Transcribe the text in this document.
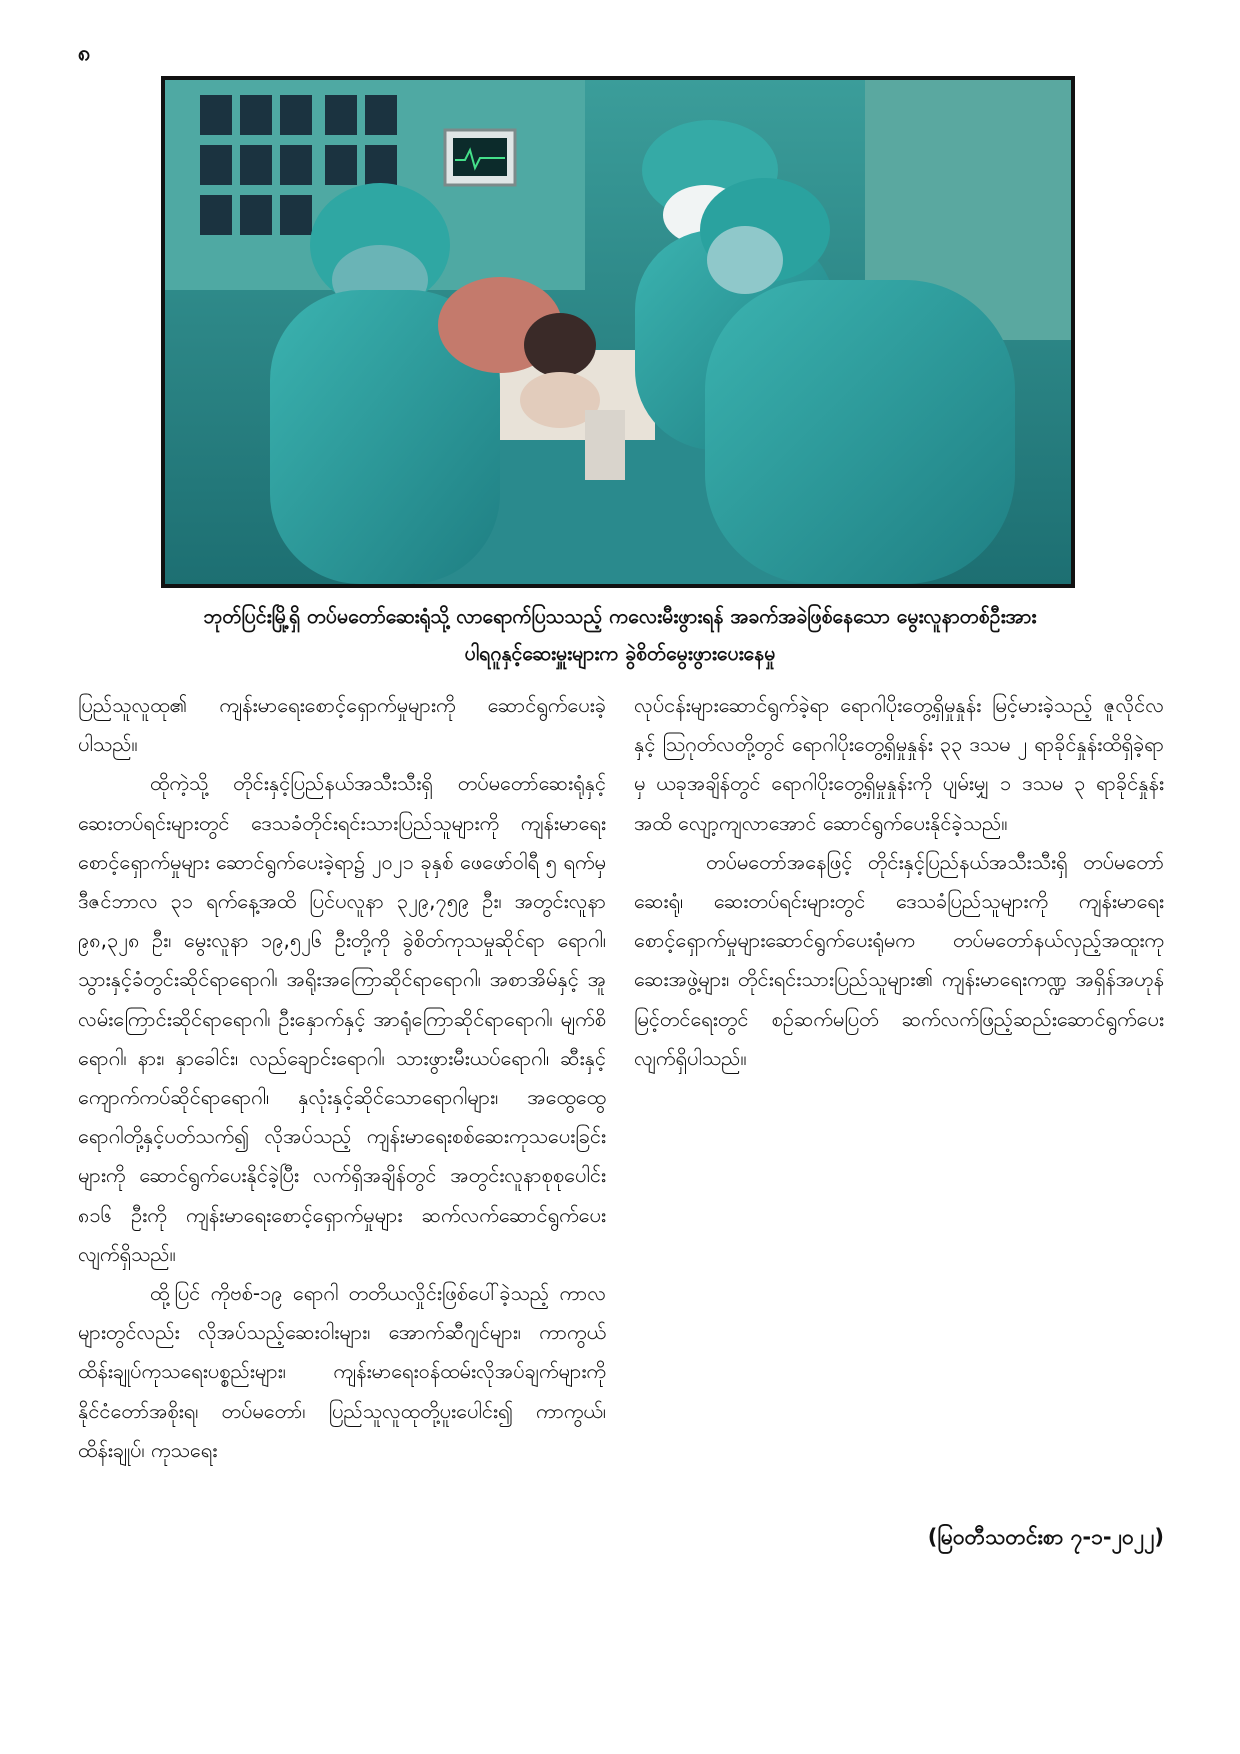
၈
ဘုတ်ပြင်းမြို့ရှိ တပ်မတော်ဆေးရုံသို့ လာရောက်ပြသသည့် ကလေးမီးဖွားရန် အခက်အခဲဖြစ်နေသော မွေးလူနာတစ်ဦးအား
ပါရဂူနှင့်ဆေးမှူးများက ခွဲစိတ်မွေးဖွားပေးနေမှု

ပြည်သူလူထု၏ ကျန်းမာရေးစောင့်ရှောက်မှုများကို ဆောင်ရွက်ပေးခဲ့ပါသည်။

ထိုကဲ့သို့ တိုင်းနှင့်ပြည်နယ်အသီးသီးရှိ တပ်မတော်ဆေးရုံနှင့် ဆေးတပ်ရင်းများတွင် ဒေသခံတိုင်းရင်းသားပြည်သူများကို ကျန်းမာရေးစောင့်ရှောက်မှုများ ဆောင်ရွက်ပေးခဲ့ရာ၌ ၂၀၂၁ ခုနှစ် ဖေဖော်ဝါရီ ၅ ရက်မှ ဒီဇင်ဘာလ ၃၁ ရက်နေ့အထိ ပြင်ပလူနာ ၃၂၉,၇၅၉ ဦး၊ အတွင်းလူနာ ၉၈,၃၂၈ ဦး၊ မွေးလူနာ ၁၉,၅၂၆ ဦးတို့ကို ခွဲစိတ်ကုသမှုဆိုင်ရာ ရောဂါ၊ သွားနှင့်ခံတွင်းဆိုင်ရာရောဂါ၊ အရိုးအကြောဆိုင်ရာရောဂါ၊ အစာအိမ်နှင့် အူလမ်းကြောင်းဆိုင်ရာရောဂါ၊ ဦးနှောက်နှင့် အာရုံကြောဆိုင်ရာရောဂါ၊ မျက်စိရောဂါ၊ နား၊ နှာခေါင်း၊ လည်ချောင်းရောဂါ၊ သားဖွားမီးယပ်ရောဂါ၊ ဆီးနှင့် ကျောက်ကပ်ဆိုင်ရာရောဂါ၊ နှလုံးနှင့်ဆိုင်သောရောဂါများ၊ အထွေထွေရောဂါတို့နှင့်ပတ်သက်၍ လိုအပ်သည့် ကျန်းမာရေးစစ်ဆေးကုသပေးခြင်းများကို ဆောင်ရွက်ပေးနိုင်ခဲ့ပြီး လက်ရှိအချိန်တွင် အတွင်းလူနာစုစုပေါင်း ၈၁၆ ဦးကို ကျန်းမာရေးစောင့်ရှောက်မှုများ ဆက်လက်ဆောင်ရွက်ပေးလျက်ရှိသည်။

ထို့ပြင် ကိုဗစ်-၁၉ ရောဂါ တတိယလှိုင်းဖြစ်ပေါ်ခဲ့သည့် ကာလများတွင်လည်း လိုအပ်သည့်ဆေးဝါးများ၊ အောက်ဆီဂျင်များ၊ ကာကွယ်ထိန်းချုပ်ကုသရေးပစ္စည်းများ၊ ကျန်းမာရေးဝန်ထမ်းလိုအပ်ချက်များကို နိုင်ငံတော်အစိုးရ၊ တပ်မတော်၊ ပြည်သူလူထုတို့ပူးပေါင်း၍ ကာကွယ်၊ ထိန်းချုပ်၊ ကုသရေး

လုပ်ငန်းများဆောင်ရွက်ခဲ့ရာ ရောဂါပိုးတွေ့ရှိမှုနှုန်း မြင့်မားခဲ့သည့် ဇူလိုင်လနှင့် ဩဂုတ်လတို့တွင် ရောဂါပိုးတွေ့ရှိမှုနှုန်း ၃၃ ဒသမ ၂ ရာခိုင်နှုန်းထိရှိခဲ့ရာမှ ယခုအချိန်တွင် ရောဂါပိုးတွေ့ရှိမှုနှုန်းကို ပျမ်းမျှ ၁ ဒသမ ၃ ရာခိုင်နှုန်းအထိ လျော့ကျလာအောင် ဆောင်ရွက်ပေးနိုင်ခဲ့သည်။

တပ်မတော်အနေဖြင့် တိုင်းနှင့်ပြည်နယ်အသီးသီးရှိ တပ်မတော်ဆေးရုံ၊ ဆေးတပ်ရင်းများတွင် ဒေသခံပြည်သူများကို ကျန်းမာရေးစောင့်ရှောက်မှုများဆောင်ရွက်ပေးရုံမက တပ်မတော်နယ်လှည့်အထူးကုဆေးအဖွဲ့များ၊ တိုင်းရင်းသားပြည်သူများ၏ ကျန်းမာရေးကဏ္ဍ အရှိန်အဟုန်မြင့်တင်ရေးတွင် စဉ်ဆက်မပြတ် ဆက်လက်ဖြည့်ဆည်းဆောင်ရွက်ပေးလျက်ရှိပါသည်။

(မြဝတီသတင်းစာ ၇-၁-၂၀၂၂)
